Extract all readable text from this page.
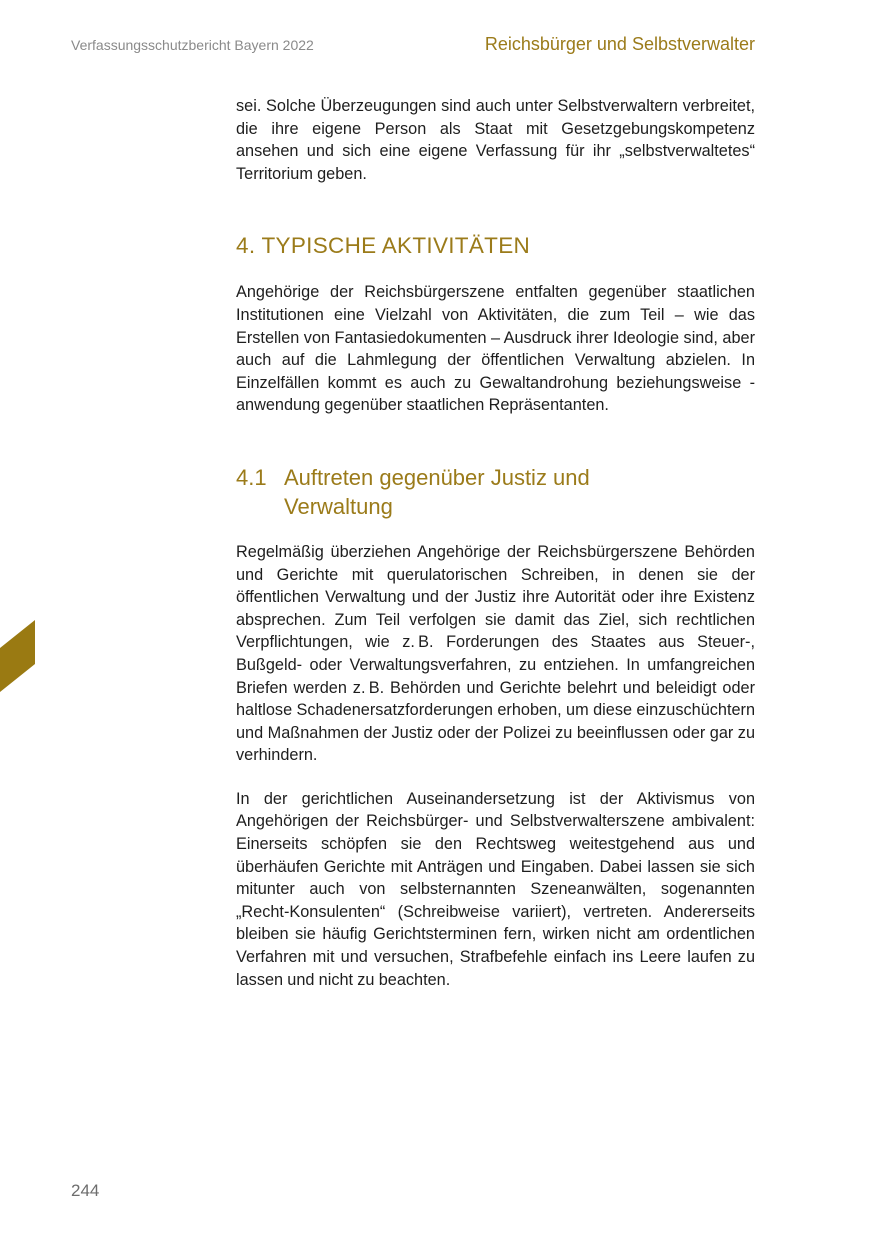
Verfassungsschutzbericht Bayern 2022	Reichsbürger und Selbstverwalter

sei. Solche Überzeugungen sind auch unter Selbstverwaltern verbreitet, die ihre eigene Person als Staat mit Gesetzgebungskompetenz ansehen und sich eine eigene Verfassung für ihr „selbstverwaltetes“ Territorium geben.

4. TYPISCHE AKTIVITÄTEN

Angehörige der Reichsbürgerszene entfalten gegenüber staatlichen Institutionen eine Vielzahl von Aktivitäten, die zum Teil – wie das Erstellen von Fantasiedokumenten – Ausdruck ihrer Ideologie sind, aber auch auf die Lahmlegung der öffentlichen Verwaltung abzielen. In Einzelfällen kommt es auch zu Gewaltandrohung beziehungsweise -anwendung gegenüber staatlichen Repräsentanten.

4.1 Auftreten gegenüber Justiz und Verwaltung

Regelmäßig überziehen Angehörige der Reichsbürgerszene Behörden und Gerichte mit querulatorischen Schreiben, in denen sie der öffentlichen Verwaltung und der Justiz ihre Autorität oder ihre Existenz absprechen. Zum Teil verfolgen sie damit das Ziel, sich rechtlichen Verpflichtungen, wie z. B. Forderungen des Staates aus Steuer-, Bußgeld- oder Verwaltungsverfahren, zu entziehen. In umfangreichen Briefen werden z. B. Behörden und Gerichte belehrt und beleidigt oder haltlose Schadenersatzforderungen erhoben, um diese einzuschüchtern und Maßnahmen der Justiz oder der Polizei zu beeinflussen oder gar zu verhindern.

In der gerichtlichen Auseinandersetzung ist der Aktivismus von Angehörigen der Reichsbürger- und Selbstverwalterszene ambivalent: Einerseits schöpfen sie den Rechtsweg weitestgehend aus und überhäufen Gerichte mit Anträgen und Eingaben. Dabei lassen sie sich mitunter auch von selbsternannten Szeneanwälten, sogenannten „Recht-Konsulenten“ (Schreibweise variiert), vertreten. Andererseits bleiben sie häufig Gerichtsterminen fern, wirken nicht am ordentlichen Verfahren mit und versuchen, Strafbefehle einfach ins Leere laufen zu lassen und nicht zu beachten.

244
